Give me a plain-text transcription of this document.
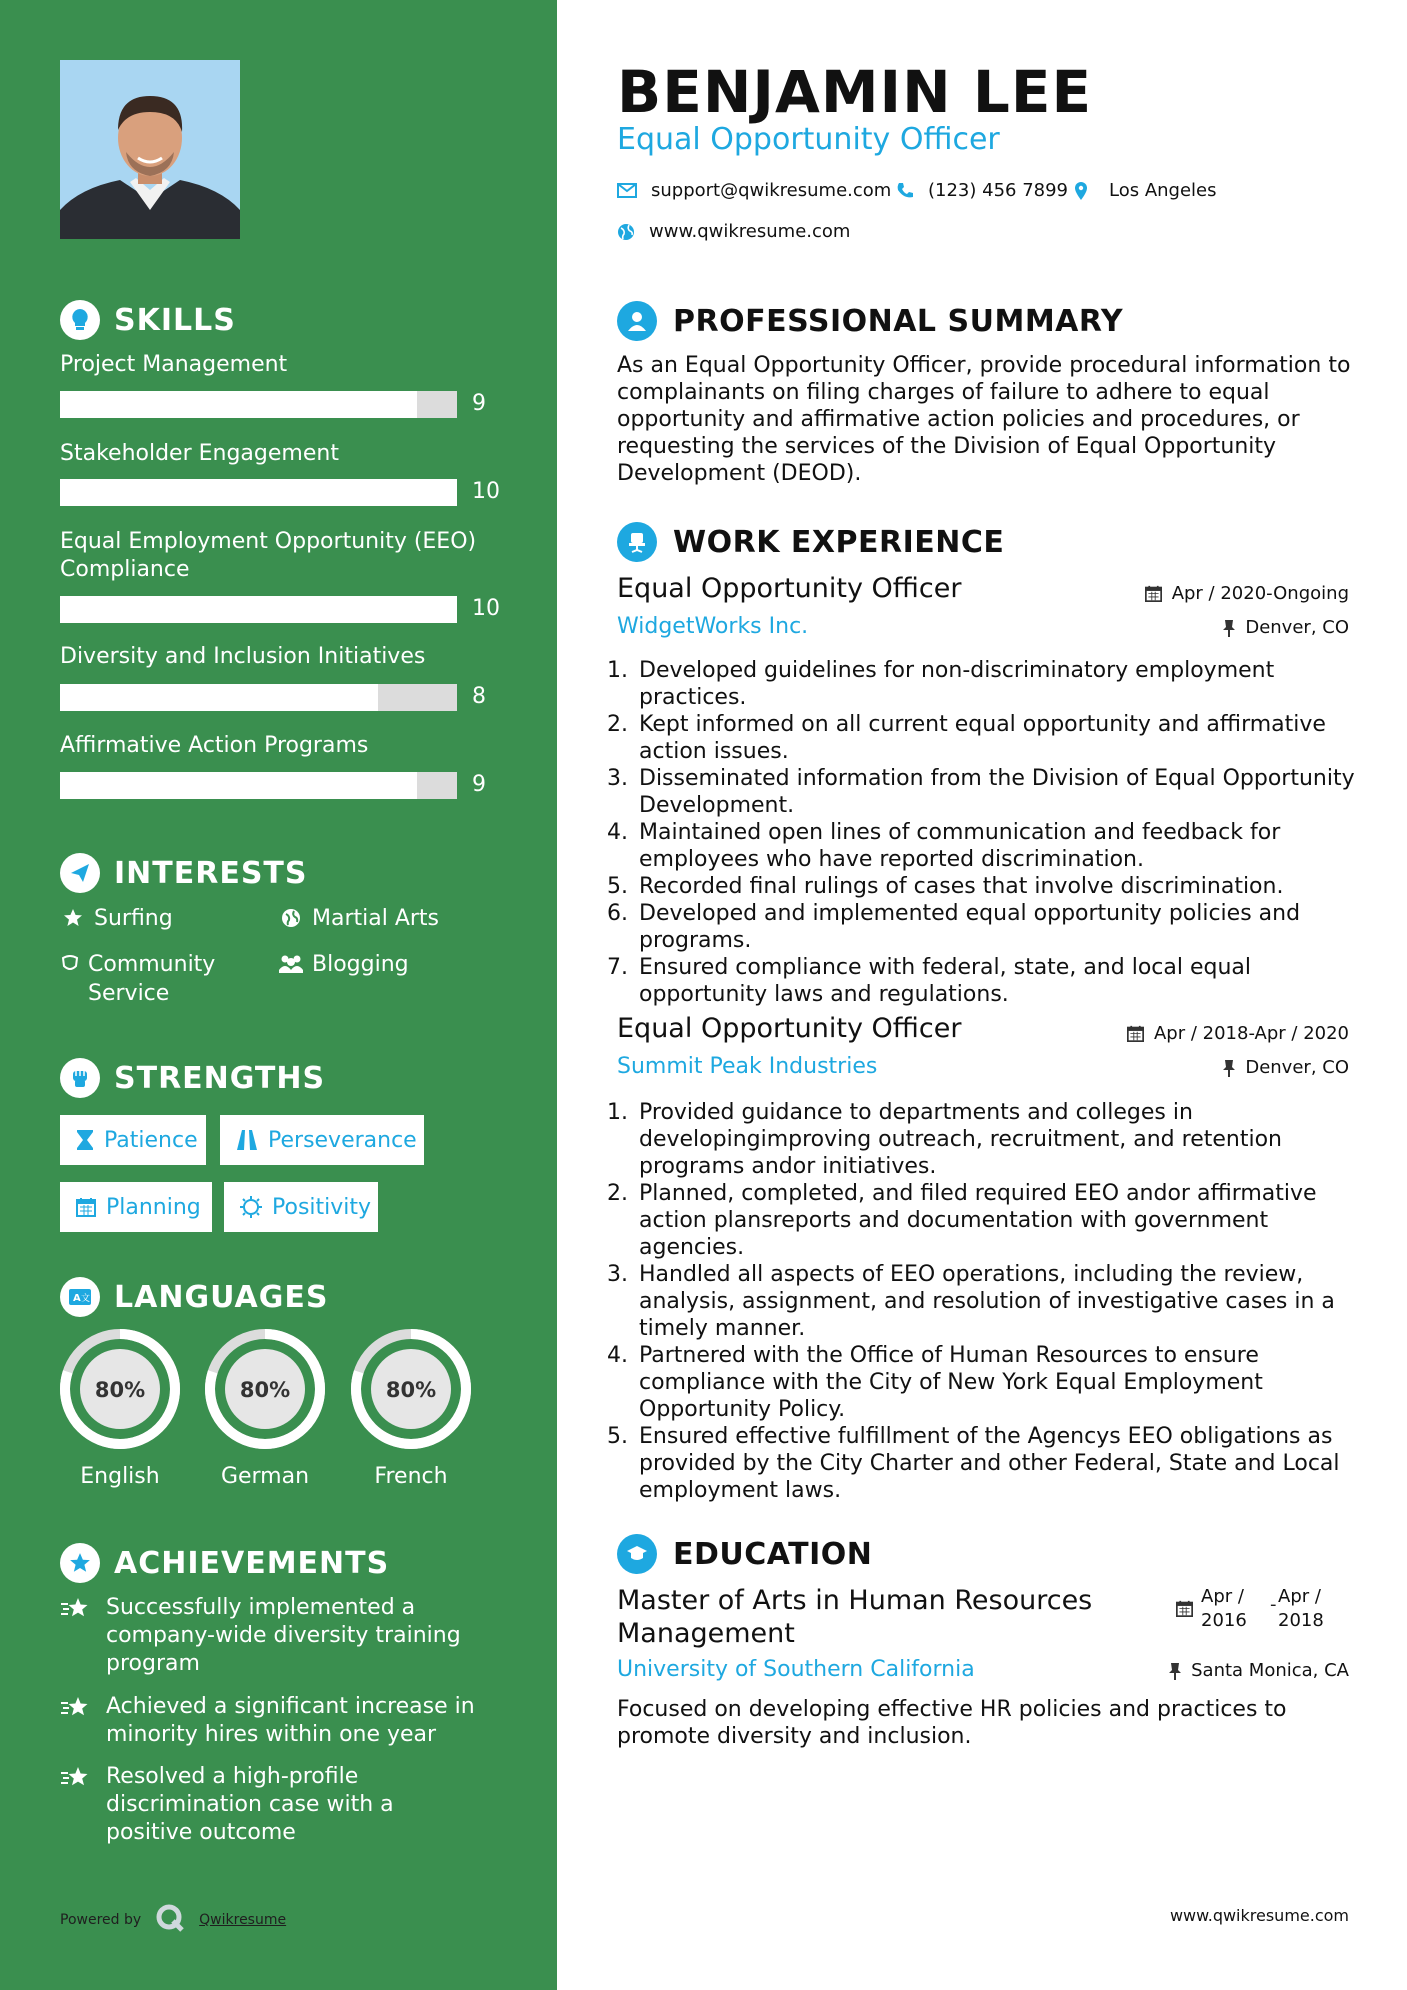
SKILLS
Project Management
9
Stakeholder Engagement
10
Equal Employment Opportunity (EEO) Compliance
10
Diversity and Inclusion Initiatives
8
Affirmative Action Programs
9
INTERESTS
Surfing	Martial Arts
Community Service
Blogging
STRENGTHS
Patience	Perseverance
Planning	Positivity
A 文 LANGUAGES
80%	80%	80%
English	German	French
ACHIEVEMENTS
Successfully implemented a company-wide diversity training program
Achieved a significant increase in minority hires within one year
Resolved a high-profile discrimination case with a positive outcome
Powered by	Qwikresume
BENJAMIN LEE
Equal Opportunity Officer
support@qwikresume.com (123) 456 7899 Los Angeles
www.qwikresume.com
PROFESSIONAL SUMMARY
As an Equal Opportunity Officer, provide procedural information to complainants on filing charges of failure to adhere to equal opportunity and affirmative action policies and procedures, or requesting the services of the Division of Equal Opportunity Development (DEOD).
WORK EXPERIENCE
Equal Opportunity Officer	Apr / 2020-Ongoing
WidgetWorks Inc.	Denver, CO
1. Developed guidelines for non-discriminatory employment practices.
2. Kept informed on all current equal opportunity and affirmative action issues.
3. Disseminated information from the Division of Equal Opportunity Development.
4. Maintained open lines of communication and feedback for employees who have reported discrimination.
5. Recorded final rulings of cases that involve discrimination.
6. Developed and implemented equal opportunity policies and programs.
7. Ensured compliance with federal, state, and local equal opportunity laws and regulations.
Equal Opportunity Officer	Apr / 2018-Apr / 2020
Summit Peak Industries	Denver, CO
1. Provided guidance to departments and colleges in developingimproving outreach, recruitment, and retention programs andor initiatives.
2. Planned, completed, and filed required EEO andor affirmative action plansreports and documentation with government agencies.
3. Handled all aspects of EEO operations, including the review, analysis, assignment, and resolution of investigative cases in a timely manner.
4. Partnered with the Office of Human Resources to ensure compliance with the City of New York Equal Employment Opportunity Policy.
5. Ensured effective fulfillment of the Agencys EEO obligations as provided by the City Charter and other Federal, State and Local employment laws.
EDUCATION
Master of Arts in Human Resources Management
Apr / 2016
- Apr / 2018
University of Southern California	Santa Monica, CA
Focused on developing effective HR policies and practices to promote diversity and inclusion.
www.qwikresume.com
